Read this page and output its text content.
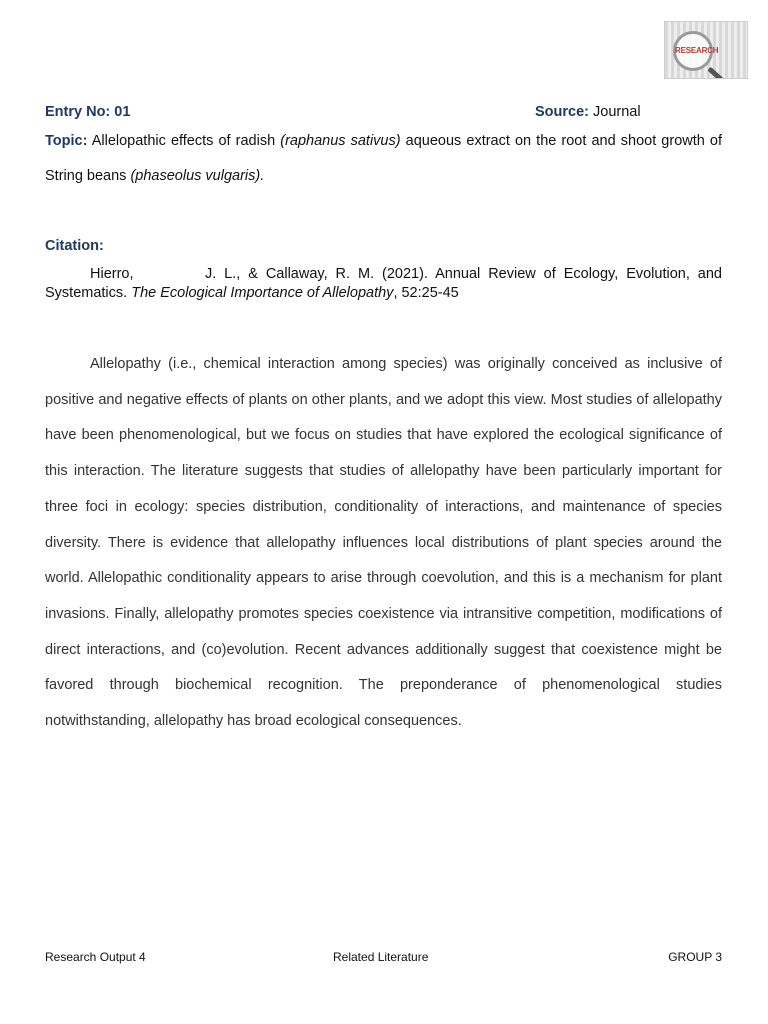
RESEARCH
Entry No: 01	Source: Journal
Topic: Allelopathic effects of radish (raphanus sativus) aqueous extract on the root and shoot growth of String beans (phaseolus vulgaris).
Citation:
Hierro,         J. L., & Callaway, R. M. (2021). Annual Review of Ecology, Evolution, and Systematics. The Ecological Importance of Allelopathy, 52:25-45
Allelopathy (i.e., chemical interaction among species) was originally conceived as inclusive of positive and negative effects of plants on other plants, and we adopt this view. Most studies of allelopathy have been phenomenological, but we focus on studies that have explored the ecological significance of this interaction. The literature suggests that studies of allelopathy have been particularly important for three foci in ecology: species distribution, conditionality of interactions, and maintenance of species diversity. There is evidence that allelopathy influences local distributions of plant species around the world. Allelopathic conditionality appears to arise through coevolution, and this is a mechanism for plant invasions. Finally, allelopathy promotes species coexistence via intransitive competition, modifications of direct interactions, and (co)evolution. Recent advances additionally suggest that coexistence might be favored through biochemical recognition. The preponderance of phenomenological studies notwithstanding, allelopathy has broad ecological consequences.
Research Output 4	Related Literature	GROUP 3
